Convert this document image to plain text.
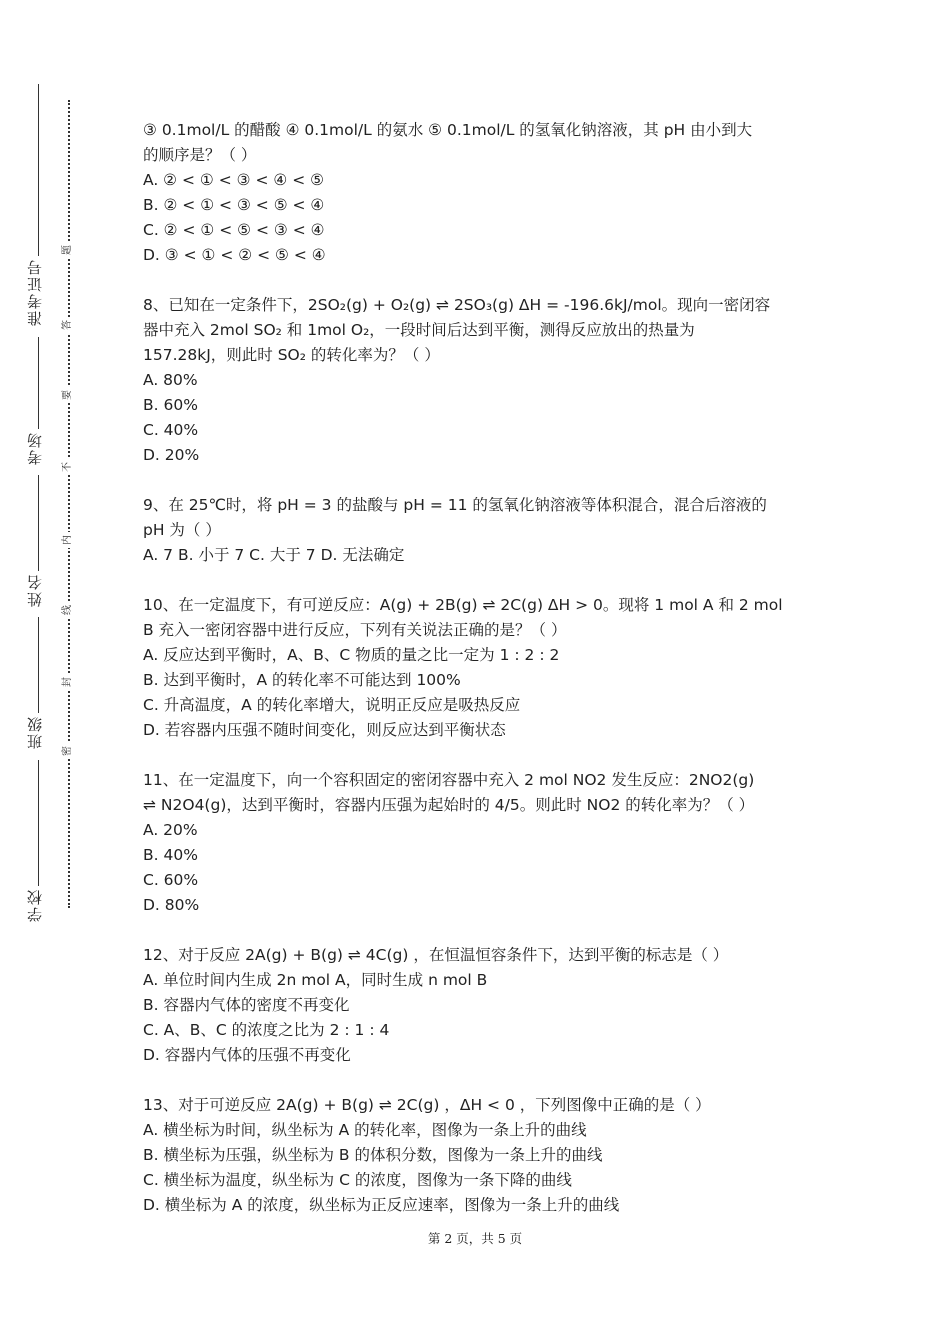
准考证号
考场
姓名
班级
学校
题
答
要
不
内
线
封
密
③ 0.1mol/L 的醋酸 ④ 0.1mol/L 的氨水 ⑤ 0.1mol/L 的氢氧化钠溶液，其 pH 由小到大
的顺序是？（ ）
A. ② < ① < ③ < ④ < ⑤
B. ② < ① < ③ < ⑤ < ④
C. ② < ① < ⑤ < ③ < ④
D. ③ < ① < ② < ⑤ < ④
8、已知在一定条件下，2SO₂(g) + O₂(g) ⇌ 2SO₃(g) ΔH = -196.6kJ/mol。现向一密闭容
器中充入 2mol SO₂ 和 1mol O₂，一段时间后达到平衡，测得反应放出的热量为
157.28kJ，则此时 SO₂ 的转化率为？（ ）
A. 80%
B. 60%
C. 40%
D. 20%
9、在 25℃时，将 pH = 3 的盐酸与 pH = 11 的氢氧化钠溶液等体积混合，混合后溶液的
pH 为（ ）
A. 7 B. 小于 7 C. 大于 7 D. 无法确定
10、在一定温度下，有可逆反应：A(g) + 2B(g) ⇌ 2C(g) ΔH > 0。现将 1 mol A 和 2 mol
B 充入一密闭容器中进行反应，下列有关说法正确的是？（ ）
A. 反应达到平衡时，A、B、C 物质的量之比一定为 1 : 2 : 2
B. 达到平衡时，A 的转化率不可能达到 100%
C. 升高温度，A 的转化率增大，说明正反应是吸热反应
D. 若容器内压强不随时间变化，则反应达到平衡状态
11、在一定温度下，向一个容积固定的密闭容器中充入 2 mol NO2 发生反应：2NO2(g)
⇌ N2O4(g)，达到平衡时，容器内压强为起始时的 4/5。则此时 NO2 的转化率为？（ ）
A. 20%
B. 40%
C. 60%
D. 80%
12、对于反应 2A(g) + B(g) ⇌ 4C(g) ，在恒温恒容条件下，达到平衡的标志是（ ）
A. 单位时间内生成 2n mol A，同时生成 n mol B
B. 容器内气体的密度不再变化
C. A、B、C 的浓度之比为 2 : 1 : 4
D. 容器内气体的压强不再变化
13、对于可逆反应 2A(g) + B(g) ⇌ 2C(g) ，ΔH < 0 ，下列图像中正确的是（ ）
A. 横坐标为时间，纵坐标为 A 的转化率，图像为一条上升的曲线
B. 横坐标为压强，纵坐标为 B 的体积分数，图像为一条上升的曲线
C. 横坐标为温度，纵坐标为 C 的浓度，图像为一条下降的曲线
D. 横坐标为 A 的浓度，纵坐标为正反应速率，图像为一条上升的曲线
第 2 页，共 5 页
